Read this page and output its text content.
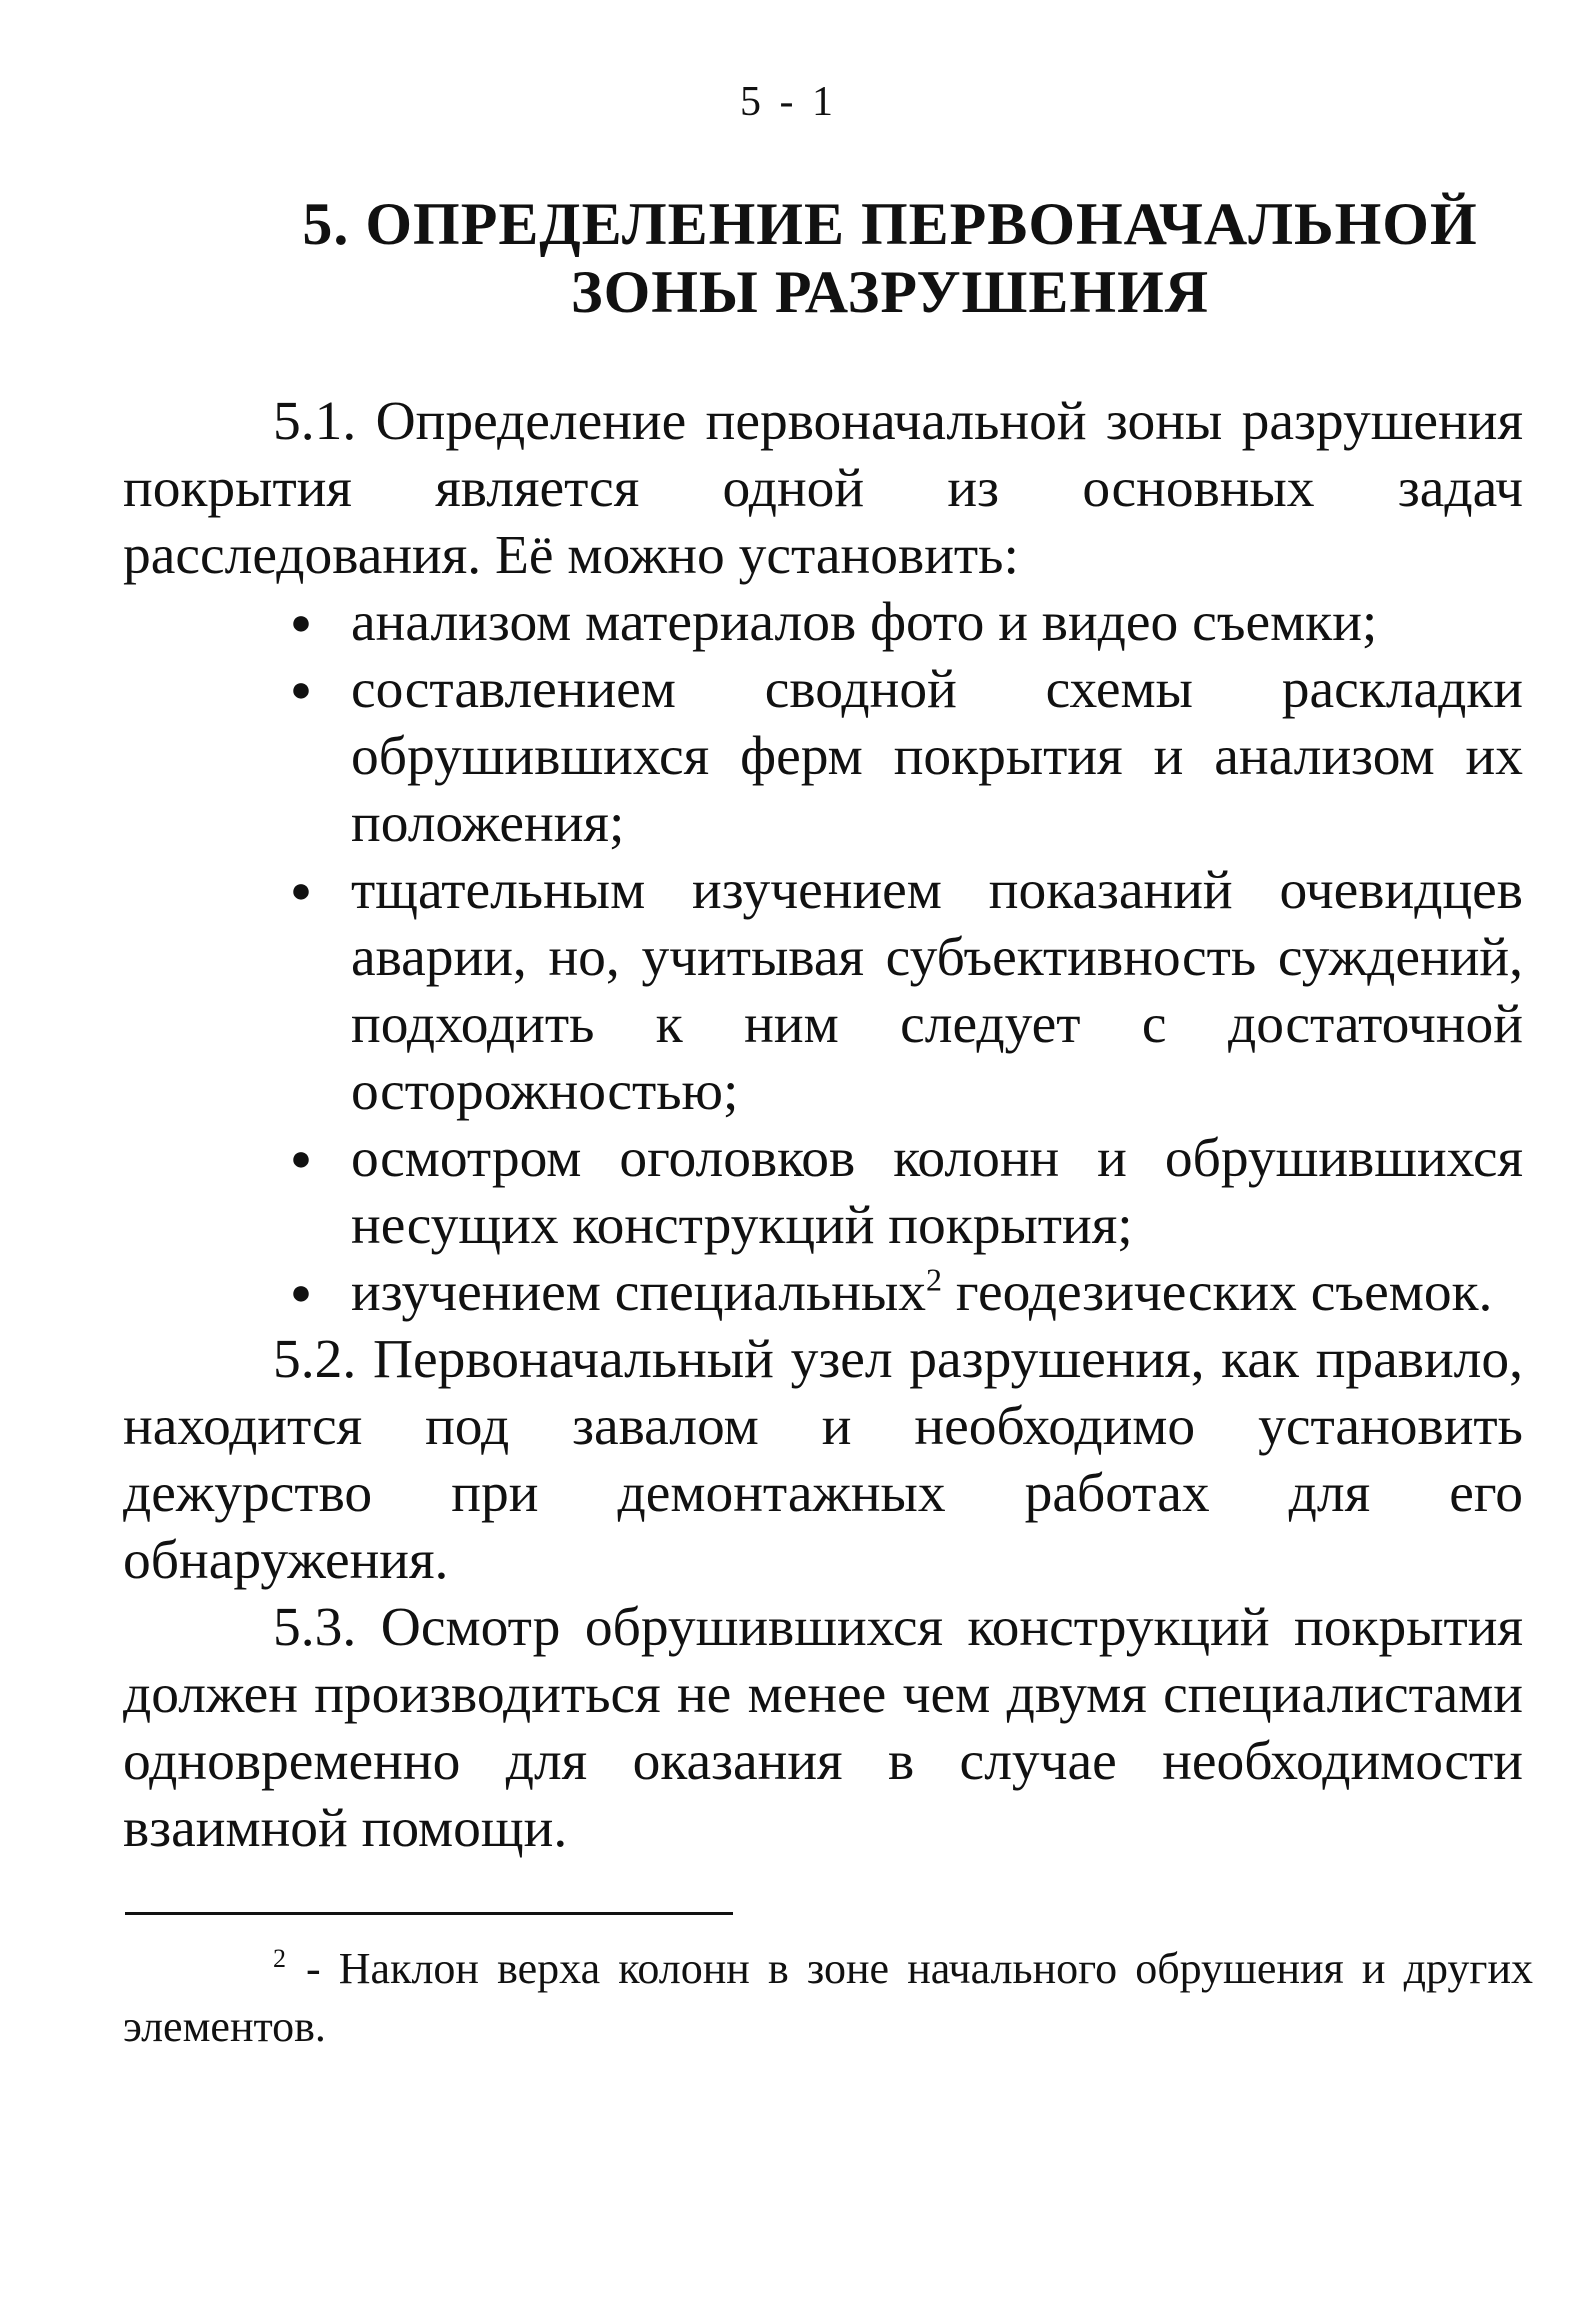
5 - 1
5. ОПРЕДЕЛЕНИЕ ПЕРВОНАЧАЛЬНОЙ
ЗОНЫ РАЗРУШЕНИЯ

5.1. Определение первоначальной зоны разрушения покрытия является одной из основных задач расследования. Её можно установить:

● анализом материалов фото и видео съемки;
● составлением сводной схемы раскладки обрушившихся ферм покрытия и анализом их положения;
● тщательным изучением показаний очевидцев аварии, но, учитывая субъективность суждений, подходить к ним следует с достаточной осторожностью;
● осмотром оголовков колонн и обрушившихся несущих конструкций покрытия;
● изучением специальных$^2$ геодезических съемок.

5.2. Первоначальный узел разрушения, как правило, находится под завалом и необходимо установить дежурство при демонтажных работах для его обнаружения.

5.3. Осмотр обрушившихся конструкций покрытия должен производиться не менее чем двумя специалистами одновременно для оказания в случае необходимости взаимной помощи.

$^2$ - Наклон верха колонн в зоне начального обрушения и других элементов.
